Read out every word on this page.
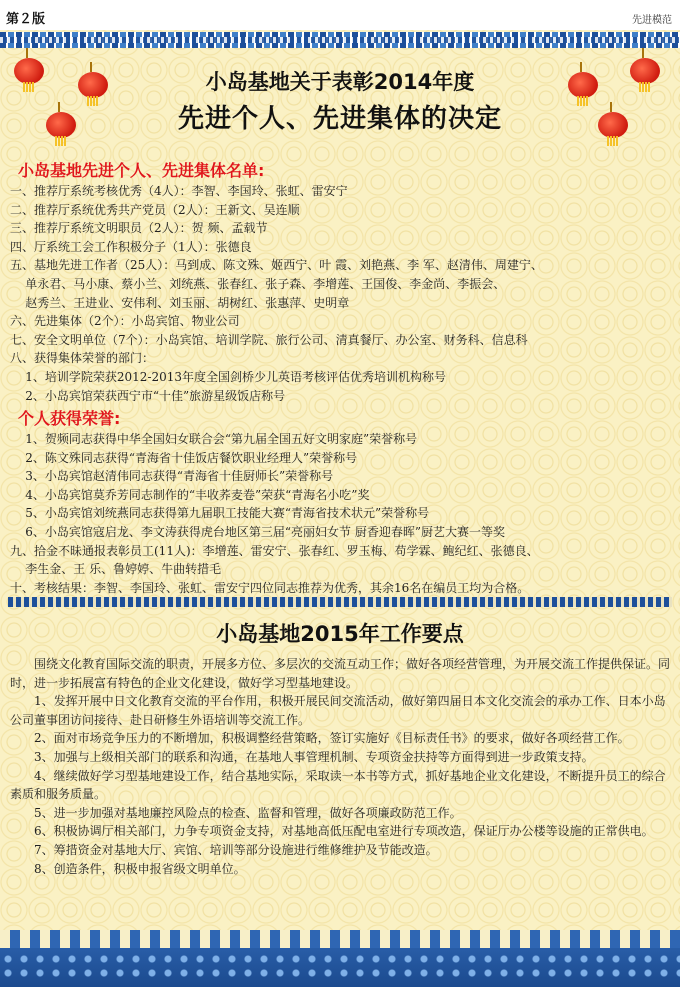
第２版	先进模范
小岛基地关于表彰2014年度
先进个人、先进集体的决定
小岛基地先进个人、先进集体名单:
一、推荐厅系统考核优秀（4人）：李智、李国玲、张虹、雷安宁
二、推荐厅系统优秀共产党员（2人）：王新文、吴连顺
三、推荐厅系统文明职员（2人）：贺 频、孟载节
四、厅系统工会工作积极分子（1人）：张德良
五、基地先进工作者（25人）：马到成、陈文殊、姬西宁、叶 霞、刘艳燕、李 军、赵清伟、周建宁、
单永君、马小康、蔡小兰、刘统燕、张春红、张子森、李增莲、王国俊、李金尚、李振会、
赵秀兰、王进业、安伟利、刘玉丽、胡树红、张惠萍、史明章
六、先进集体（2个）：小岛宾馆、物业公司
七、安全文明单位（7个）：小岛宾馆、培训学院、旅行公司、清真餐厅、办公室、财务科、信息科
八、获得集体荣誉的部门：
1、培训学院荣获2012-2013年度全国剑桥少儿英语考核评估优秀培训机构称号
2、小岛宾馆荣获西宁市“十佳”旅游星级饭店称号
个人获得荣誉:
1、贺频同志获得中华全国妇女联合会“第九届全国五好文明家庭”荣誉称号
2、陈文殊同志获得“青海省十佳饭店餐饮职业经理人”荣誉称号
3、小岛宾馆赵清伟同志获得“青海省十佳厨师长”荣誉称号
4、小岛宾馆莫乔芳同志制作的“丰收荞麦卷”荣获“青海名小吃”奖
5、小岛宾馆刘统燕同志获得第九届职工技能大赛“青海省技术状元”荣誉称号
6、小岛宾馆寇启龙、李文涛获得虎台地区第三届“亮丽妇女节 厨香迎春晖”厨艺大赛一等奖
九、拾金不昧通报表彰员工(11人)：李增莲、雷安宁、张春红、罗玉梅、苟学霖、鲍纪红、张德良、
李生金、王 乐、鲁婷婷、牛曲转措毛
十、考核结果：李智、李国玲、张虹、雷安宁四位同志推荐为优秀，其余16名在编员工均为合格。
小岛基地2015年工作要点
围绕文化教育国际交流的职责，开展多方位、多层次的交流互动工作；做好各项经营管理，为开展交流工作提供保证。同时，进一步拓展富有特色的企业文化建设，做好学习型基地建设。
1、发挥开展中日文化教育交流的平台作用，积极开展民间交流活动，做好第四届日本文化交流会的承办工作、日本小岛公司董事团访问接待、赴日研修生外语培训等交流工作。
2、面对市场竞争压力的不断增加，积极调整经营策略，签订实施好《目标责任书》的要求，做好各项经营工作。
3、加强与上级相关部门的联系和沟通，在基地人事管理机制、专项资金扶持等方面得到进一步政策支持。
4、继续做好学习型基地建设工作，结合基地实际，采取读一本书等方式，抓好基地企业文化建设，不断提升员工的综合素质和服务质量。
5、进一步加强对基地廉控风险点的检查、监督和管理，做好各项廉政防范工作。
6、积极协调厅相关部门，力争专项资金支持，对基地高低压配电室进行专项改造，保证厅办公楼等设施的正常供电。
7、筹措资金对基地大厅、宾馆、培训等部分设施进行维修维护及节能改造。
8、创造条件，积极申报省级文明单位。
